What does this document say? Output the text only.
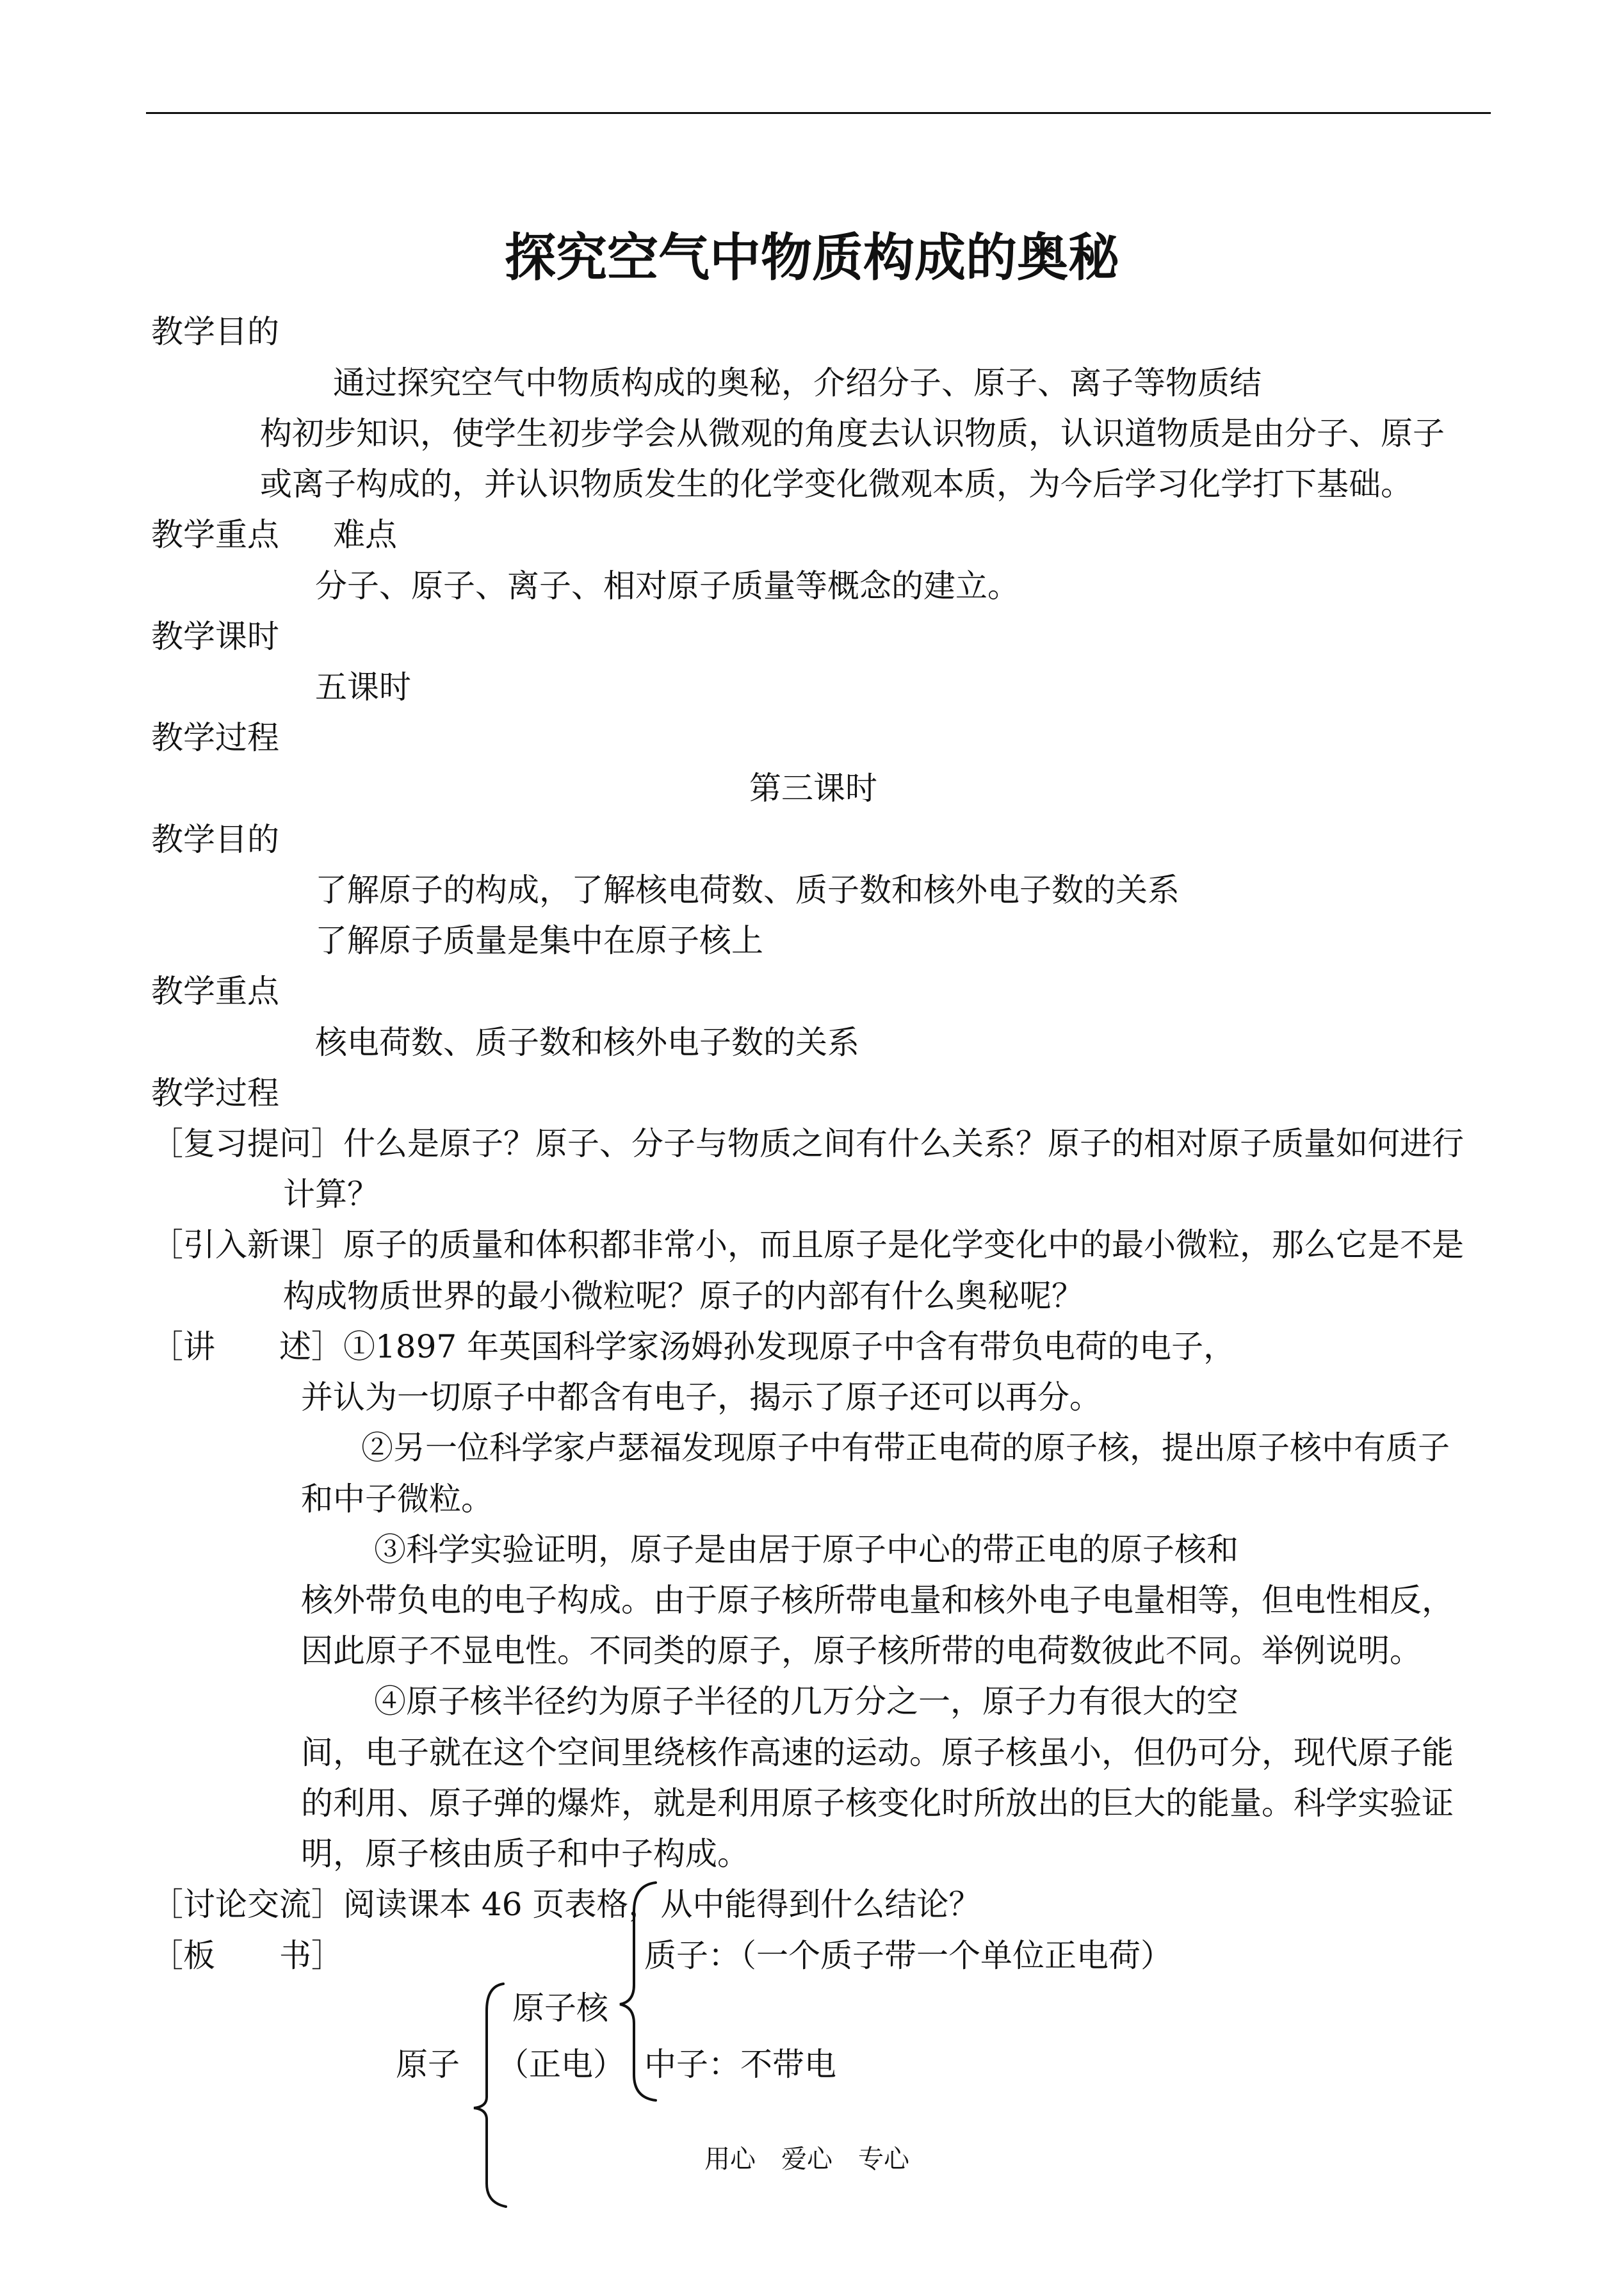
探究空气中物质构成的奥秘
教学目的
通过探究空气中物质构成的奥秘，介绍分子、原子、离子等物质结
构初步知识，使学生初步学会从微观的角度去认识物质，认识道物质是由分子、原子
或离子构成的，并认识物质发生的化学变化微观本质，为今后学习化学打下基础。
教学重点 难点
分子、原子、离子、相对原子质量等概念的建立。
教学课时
五课时
教学过程
第三课时
教学目的
了解原子的构成，了解核电荷数、质子数和核外电子数的关系
了解原子质量是集中在原子核上
教学重点
核电荷数、质子数和核外电子数的关系
教学过程
［复习提问］什么是原子？原子、分子与物质之间有什么关系？原子的相对原子质量如何进行
计算？
［引入新课］原子的质量和体积都非常小，而且原子是化学变化中的最小微粒，那么它是不是
构成物质世界的最小微粒呢？原子的内部有什么奥秘呢？
［讲　　述］ ①1897 年英国科学家汤姆孙发现原子中含有带负电荷的电子，
并认为一切原子中都含有电子，揭示了原子还可以再分。
②另一位科学家卢瑟福发现原子中有带正电荷的原子核，提出原子核中有质子
和中子微粒。
③科学实验证明，原子是由居于原子中心的带正电的原子核和
核外带负电的电子构成。由于原子核所带电量和核外电子电量相等，但电性相反，
因此原子不显电性。不同类的原子，原子核所带的电荷数彼此不同。举例说明。
④原子核半径约为原子半径的几万分之一，原子力有很大的空
间，电子就在这个空间里绕核作高速的运动。原子核虽小，但仍可分，现代原子能
的利用、原子弹的爆炸，就是利用原子核变化时所放出的巨大的能量。科学实验证
明，原子核由质子和中子构成。
［讨论交流］阅读课本 46 页表格，从中能得到什么结论？
［板　　书］	质子：（一个质子带一个单位正电荷）
原子核
原子 （正电） 中子：不带电
用心　爱心　专心
